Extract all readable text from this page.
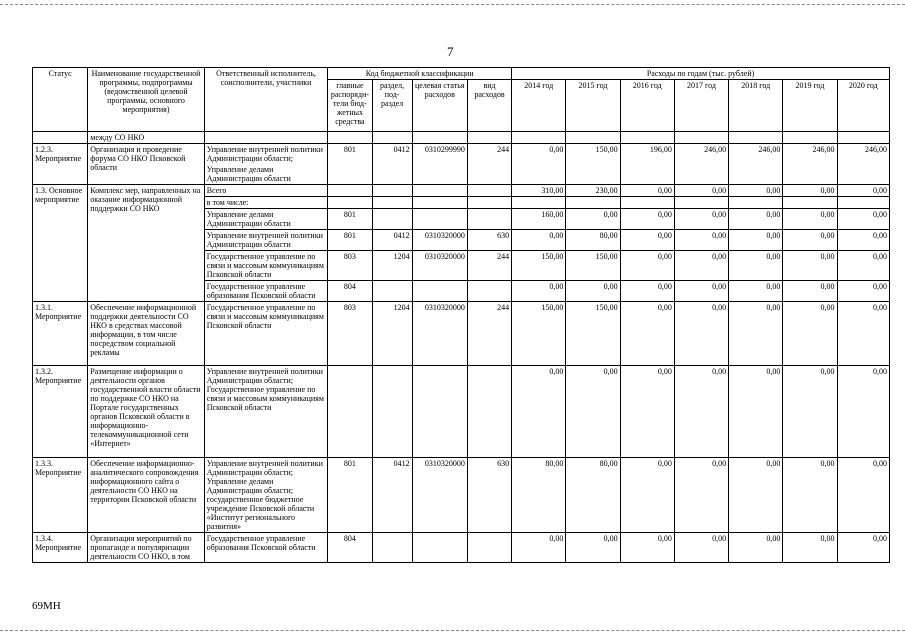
7
Статус	Наименование государственной программы, подпрограммы (ведомственной целевой программы, основного мероприятия)	Ответственный исполнитель, соисполнители, участники	Код бюджетной классификации				Расходы по годам (тыс. рублей)						
			главные распоряди-тели бюд-жетных средства	раздел, под-раздел	целевая статья расходов	вид расходов	2014 год	2015 год	2016 год	2017 год	2018 год	2019 год	2020 год
	между СО НКО												
1.2.3. Мероприятие	Организация и проведение форума СО НКО Псковской области	Управление внутренней политики Администрации области;	801	0412	0310299990	244	0,00	150,00	196,00	246,00	246,00	246,00	246,00
		Управление делами Администрации области											
1.3. Основное мероприятие	Комплекс мер, направленных на оказание информационной поддержки СО НКО	Всего					310,00	230,00	0,00	0,00	0,00	0,00	0,00
		в том числе:											
		Управление делами Администрации области	801				160,00	0,00	0,00	0,00	0,00	0,00	0,00
		Управление внутренней политики Администрации области	801	0412	0310320000	630	0,00	80,00	0,00	0,00	0,00	0,00	0,00
		Государственное управление по связи и массовым коммуникациям Псковской области	803	1204	0310320000	244	150,00	150,00	0,00	0,00	0,00	0,00	0,00
		Государственное управление образования Псковской области	804				0,00	0,00	0,00	0,00	0,00	0,00	0,00
1.3.1. Мероприятие	Обеспечение информационной поддержки деятельности СО НКО в средствах массовой информации, в том числе посредством социальной рекламы	Государственное управление по связи и массовым коммуникациям Псковской области	803	1204	0310320000	244	150,00	150,00	0,00	0,00	0,00	0,00	0,00
1.3.2. Мероприятие	Размещение информации о деятельности органов государственной власти области по поддержке СО НКО на Портале государственных органов Псковской области в информационно-телекоммуникационной сети «Интернет»	Управление внутренней политики Администрации области; Государственное управление по связи и массовым коммуникациям Псковской области					0,00	0,00	0,00	0,00	0,00	0,00	0,00
1.3.3. Мероприятие	Обеспечение информационно-аналитического сопровождения информационного сайта о деятельности СО НКО на территории Псковской области	Управление внутренней политики Администрации области; Управление делами Администрации области; государственное бюджетное учреждение Псковской области «Институт регионального развития»	801	0412	0310320000	630	80,00	80,00	0,00	0,00	0,00	0,00	0,00
1.3.4. Мероприятие	Организация мероприятий по пропаганде и популяризации деятельности СО НКО, в том	Государственное управление образования Псковской области	804				0,00	0,00	0,00	0,00	0,00	0,00	0,00
69МН
